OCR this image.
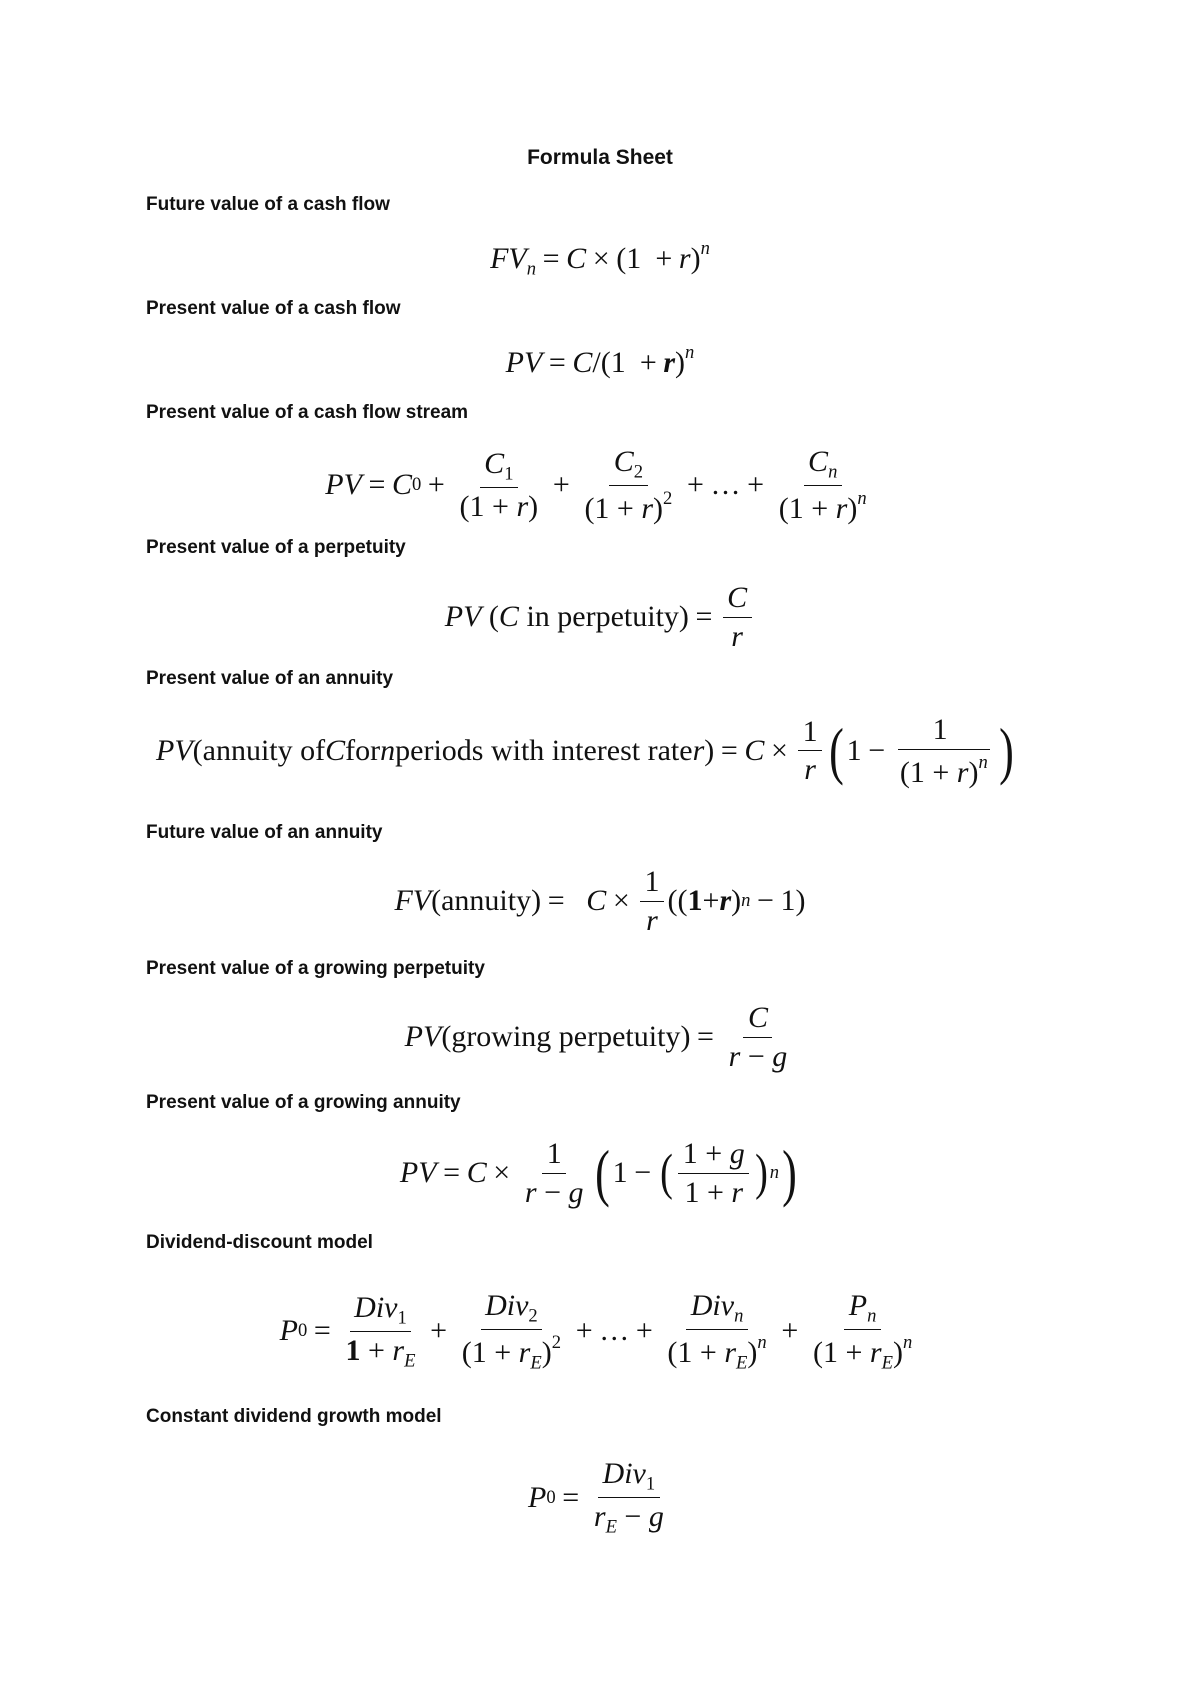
Formula Sheet
Future value of a cash flow
$FV_n = C \times (1 + r)^n$
Present value of a cash flow
PV = $C/(1 + r)^n$
Present value of a cash flow stream
PV = C $0 + \frac{C_1}{(1 + r)} + \frac{C_2}{(1 + r)^2}$ + … + $\frac{C_n}{(1 + r)^n}$
Present value of a perpetuity
PV ( C
in perpetuity ) = $\frac{C}{r}$
Present value of an annuity
PV ( annuity of C for n periods with interest rate r ) = $C \times \frac{1}{r}$ ( $1 - \frac{1}{(1 + r)^n}$ )
Future value of an annuity
FV ( annuity ) =
$C \times \frac{1}{r}$ (( 1 + r ) n − 1)
Present value of a growing perpetuity
PV ( growing perpetuity ) = $\frac{C}{r - g}$
Present value of a growing annuity
PV = $C \times \frac{1}{r - g}$ ( 1 − ( $\frac{1 + g}{1 + r}$ ) n )
Dividend-discount model
P $0 = \frac{Div_1}{1 + r_E} + \frac{Div_2}{(1 + r_E)^2}$ + … + $\frac{Div_n}{(1 + r_E)^n} + \frac{P_n}{(1 + r_E)^n}$
Constant dividend growth model
P $0 = \frac{Div_1}{r_E - g}$
